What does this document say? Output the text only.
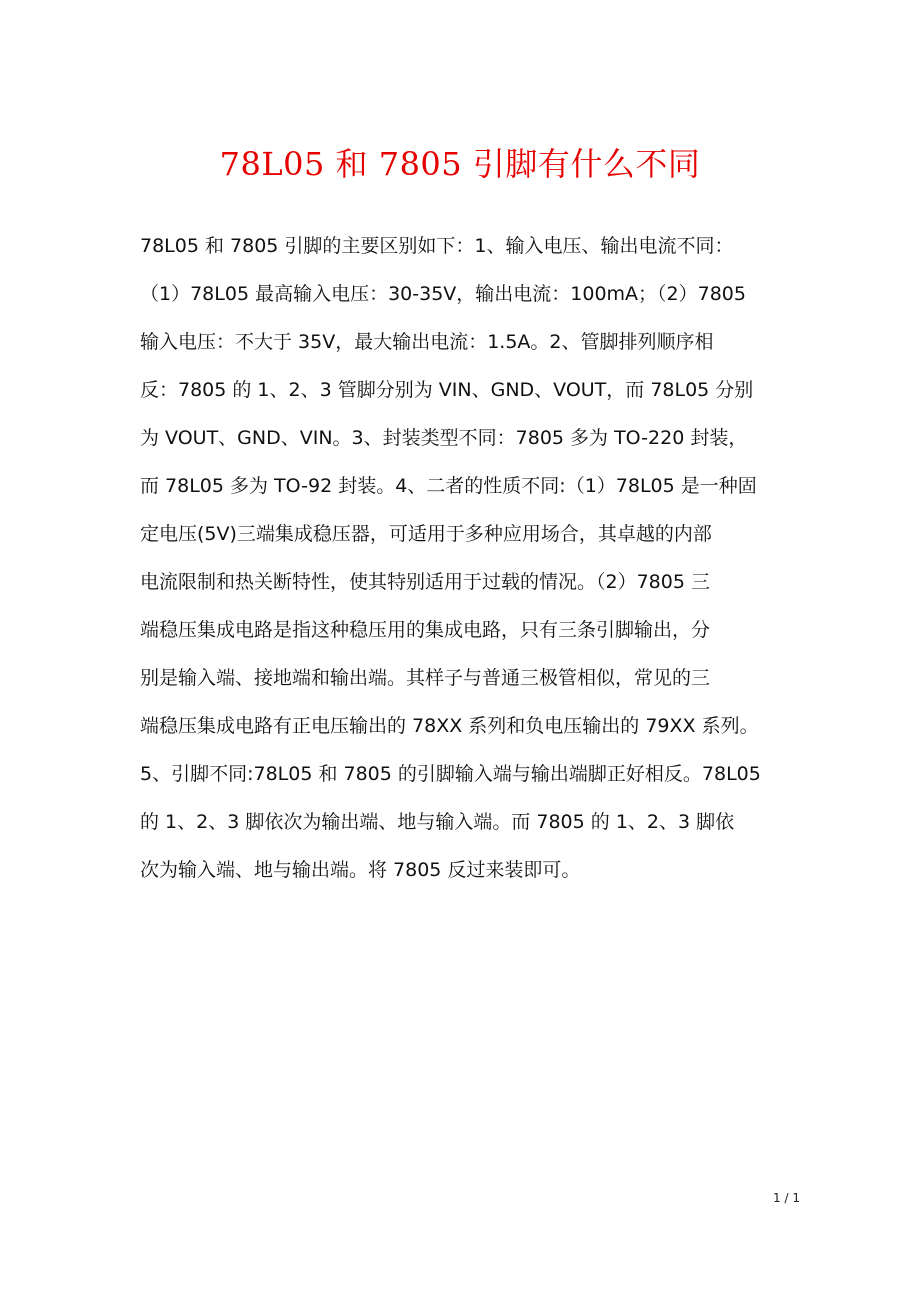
78L05 和 7805 引脚有什么不同
78L05 和 7805 引脚的主要区别如下：1、输入电压、输出电流不同：
（1）78L05 最高输入电压：30-35V，输出电流：100mA；（2）7805
输入电压：不大于 35V，最大输出电流：1.5A。2、管脚排列顺序相
反：7805 的 1、2、3 管脚分别为 VIN、GND、VOUT，而 78L05 分别
为 VOUT、GND、VIN。3、封装类型不同：7805 多为 TO-220 封装，
而 78L05 多为 TO-92 封装。4、二者的性质不同:（1）78L05 是一种固
定电压(5V)三端集成稳压器，可适用于多种应用场合，其卓越的内部
电流限制和热关断特性，使其特别适用于过载的情况。（2）7805 三
端稳压集成电路是指这种稳压用的集成电路，只有三条引脚输出，分
别是输入端、接地端和输出端。其样子与普通三极管相似，常见的三
端稳压集成电路有正电压输出的 78XX 系列和负电压输出的 79XX 系列。
5、引脚不同:78L05 和 7805 的引脚输入端与输出端脚正好相反。78L05
的 1、2、3 脚依次为输出端、地与输入端。而 7805 的 1、2、3 脚依
次为输入端、地与输出端。将 7805 反过来装即可。
1 / 1
